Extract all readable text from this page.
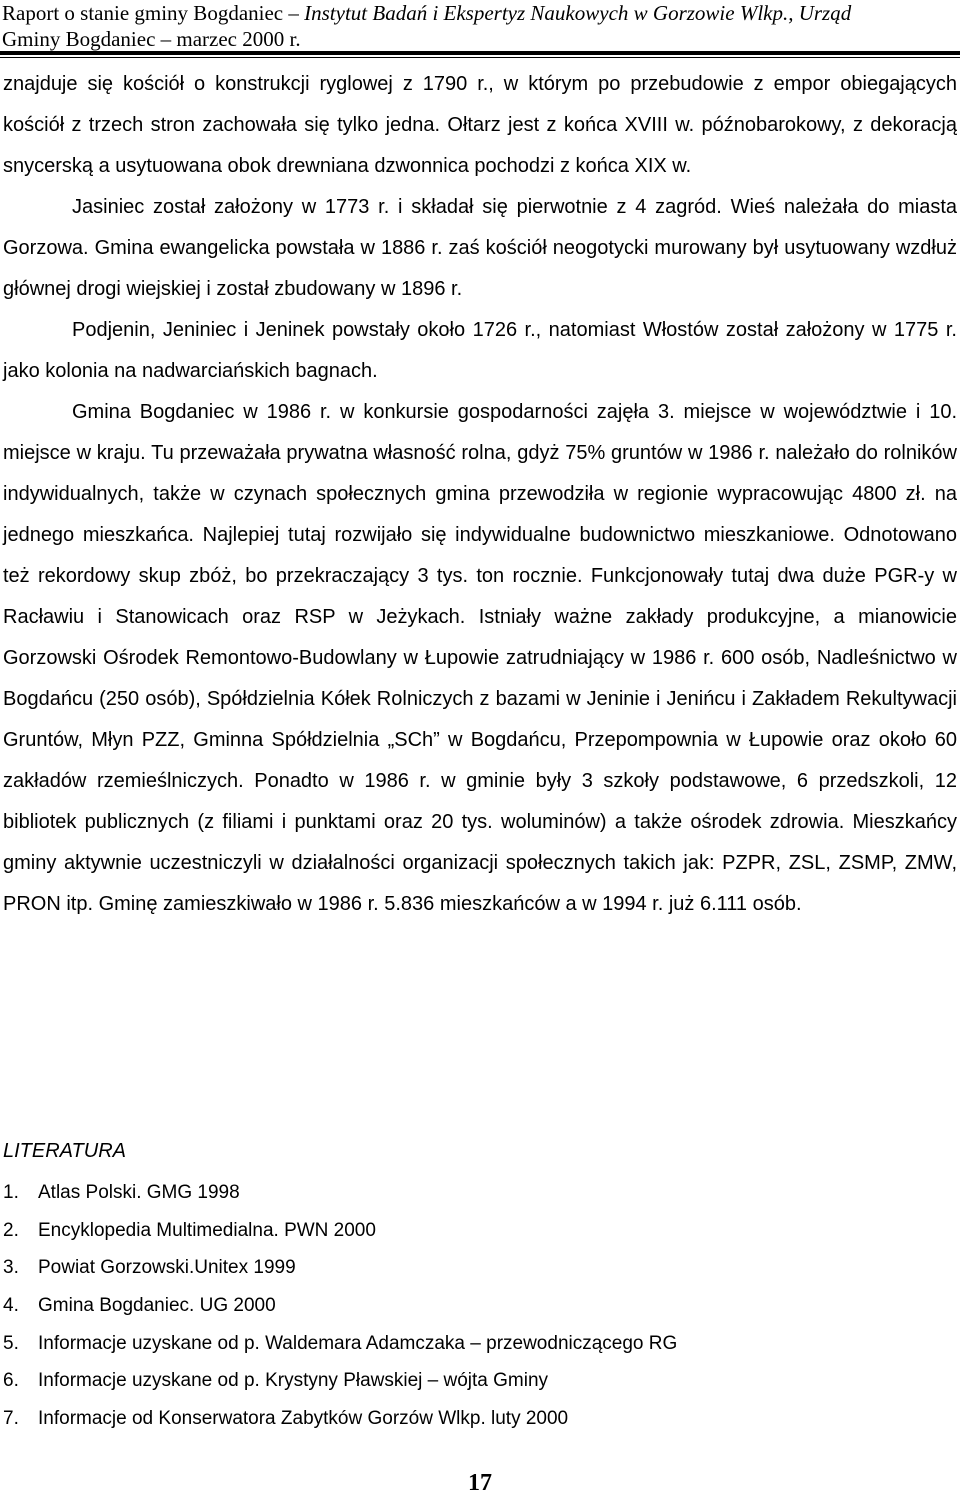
Raport o stanie gminy Bogdaniec – Instytut Badań i Ekspertyz Naukowych w Gorzowie Wlkp., Urząd
Gminy Bogdaniec – marzec 2000 r.

znajduje się kościół o konstrukcji ryglowej z 1790 r., w którym po przebudowie z empor obiegających kościół z trzech stron zachowała się tylko jedna. Ołtarz jest z końca XVIII w. późnobarokowy, z dekoracją snycerską a usytuowana obok drewniana dzwonnica pochodzi z końca XIX w.

Jasiniec został założony w 1773 r. i składał się pierwotnie z 4 zagród. Wieś należała do miasta Gorzowa. Gmina ewangelicka powstała w 1886 r. zaś kościół neogotycki murowany był usytuowany wzdłuż głównej drogi wiejskiej i został zbudowany w 1896 r.

Podjenin, Jeniniec i Jeninek powstały około 1726 r., natomiast Włostów został założony w 1775 r. jako kolonia na nadwarciańskich bagnach.

Gmina Bogdaniec w 1986 r. w konkursie gospodarności zajęła 3. miejsce w województwie i 10. miejsce w kraju. Tu przeważała prywatna własność rolna, gdyż 75% gruntów w 1986 r. należało do rolników indywidualnych, także w czynach społecznych gmina przewodziła w regionie wypracowując 4800 zł. na jednego mieszkańca. Najlepiej tutaj rozwijało się indywidualne budownictwo mieszkaniowe. Odnotowano też rekordowy skup zbóż, bo przekraczający 3 tys. ton rocznie. Funkcjonowały tutaj dwa duże PGR-y w Racławiu i Stanowicach oraz RSP w Jeżykach. Istniały ważne zakłady produkcyjne, a mianowicie Gorzowski Ośrodek Remontowo-Budowlany w Łupowie zatrudniający w 1986 r. 600 osób, Nadleśnictwo w Bogdańcu (250 osób), Spółdzielnia Kółek Rolniczych z bazami w Jeninie i Jenińcu i Zakładem Rekultywacji Gruntów, Młyn PZZ, Gminna Spółdzielnia „SCh” w Bogdańcu, Przepompownia w Łupowie oraz około 60 zakładów rzemieślniczych. Ponadto w 1986 r. w gminie były 3 szkoły podstawowe, 6 przedszkoli, 12 bibliotek publicznych (z filiami i punktami oraz 20 tys. woluminów) a także ośrodek zdrowia. Mieszkańcy gminy aktywnie uczestniczyli w działalności organizacji społecznych takich jak: PZPR, ZSL, ZSMP, ZMW, PRON itp. Gminę zamieszkiwało w 1986 r. 5.836 mieszkańców a w 1994 r. już 6.111 osób.

LITERATURA
1. Atlas Polski. GMG 1998
2. Encyklopedia Multimedialna. PWN 2000
3. Powiat Gorzowski.Unitex 1999
4. Gmina Bogdaniec. UG 2000
5. Informacje uzyskane od p. Waldemara Adamczaka – przewodniczącego RG
6. Informacje uzyskane od p. Krystyny Pławskiej – wójta Gminy
7. Informacje od Konserwatora Zabytków Gorzów Wlkp. luty 2000
17
